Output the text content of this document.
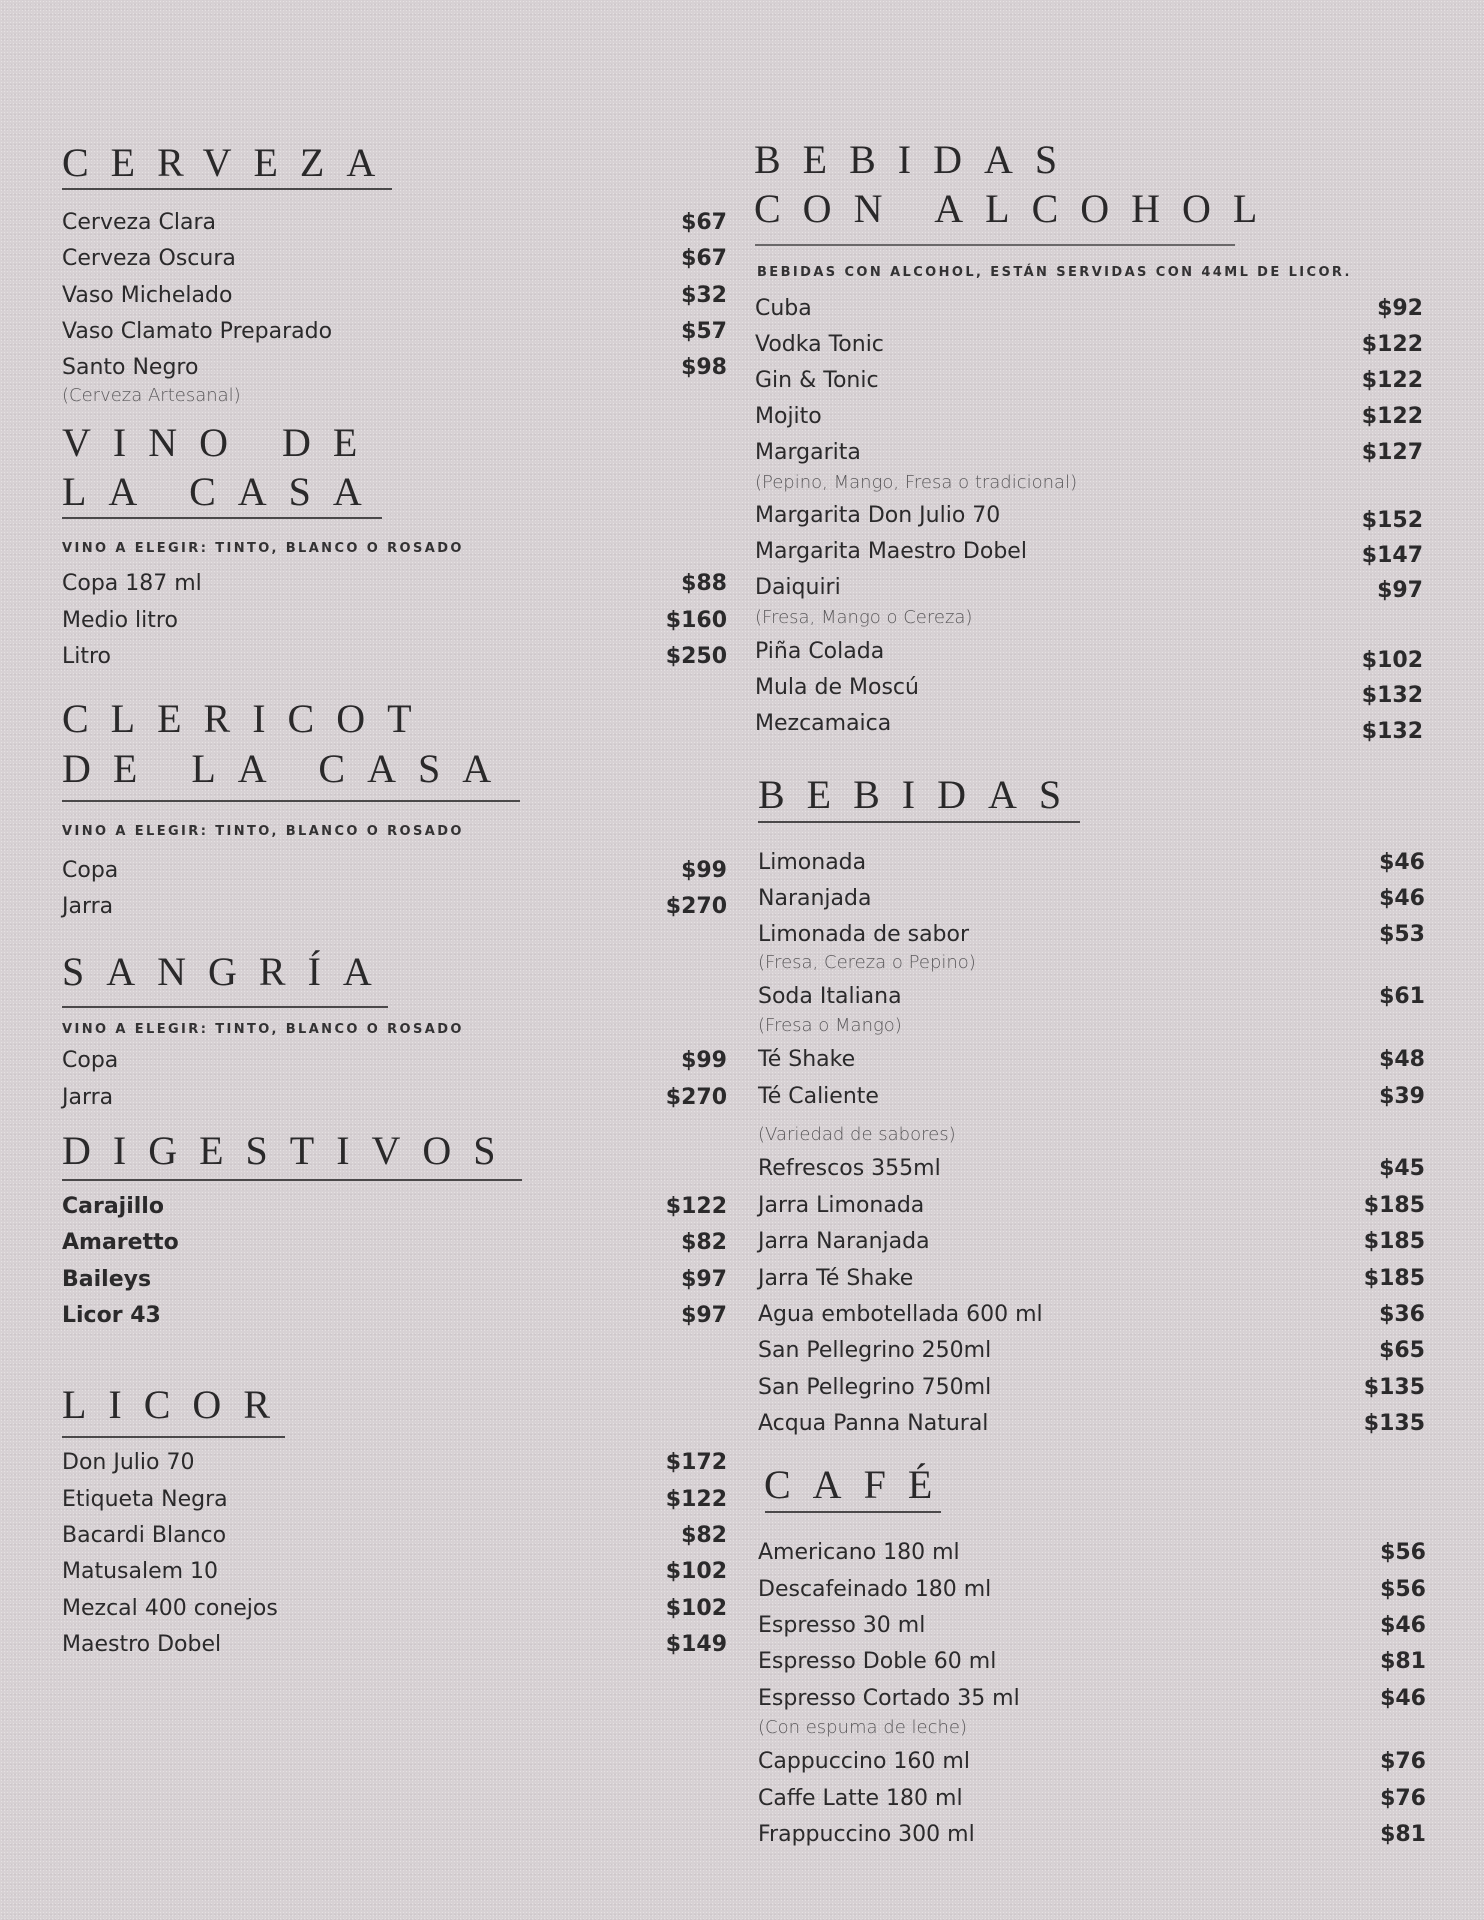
CERVEZA
Cerveza Clara	$67
Cerveza Oscura	$67
Vaso Michelado	$32
Vaso Clamato Preparado	$57
Santo Negro	$98
(Cerveza Artesanal)
VINO DE
LA CASA
VINO A ELEGIR: TINTO, BLANCO O ROSADO
Copa 187 ml	$88
Medio litro	$160
Litro	$250
CLERICOT
DE LA CASA
VINO A ELEGIR: TINTO, BLANCO O ROSADO
Copa	$99
Jarra	$270
SANGRÍA
VINO A ELEGIR: TINTO, BLANCO O ROSADO
Copa	$99
Jarra	$270
DIGESTIVOS
Carajillo	$122
Amaretto	$82
Baileys	$97
Licor 43	$97
LICOR
Don Julio 70	$172
Etiqueta Negra	$122
Bacardi Blanco	$82
Matusalem 10	$102
Mezcal 400 conejos	$102
Maestro Dobel	$149
BEBIDAS
CON ALCOHOL
BEBIDAS CON ALCOHOL, ESTÁN SERVIDAS CON 44ML DE LICOR.
Cuba	$92
Vodka Tonic	$122
Gin & Tonic	$122
Mojito	$122
Margarita	$127
(Pepino, Mango, Fresa o tradicional)
Margarita Don Julio 70	$152
Margarita Maestro Dobel	$147
Daiquiri	$97
(Fresa, Mango o Cereza)
Piña Colada	$102
Mula de Moscú	$132
Mezcamaica	$132
BEBIDAS
Limonada	$46
Naranjada	$46
Limonada de sabor	$53
(Fresa, Cereza o Pepino)
Soda Italiana	$61
(Fresa o Mango)
Té Shake	$48
Té Caliente	$39
(Variedad de sabores)
Refrescos 355ml	$45
Jarra Limonada	$185
Jarra Naranjada	$185
Jarra Té Shake	$185
Agua embotellada 600 ml	$36
San Pellegrino 250ml	$65
San Pellegrino 750ml	$135
Acqua Panna Natural	$135
CAFÉ
Americano 180 ml	$56
Descafeinado 180 ml	$56
Espresso 30 ml	$46
Espresso Doble 60 ml	$81
Espresso Cortado 35 ml	$46
(Con espuma de leche)
Cappuccino 160 ml	$76
Caffe Latte 180 ml	$76
Frappuccino 300 ml	$81
